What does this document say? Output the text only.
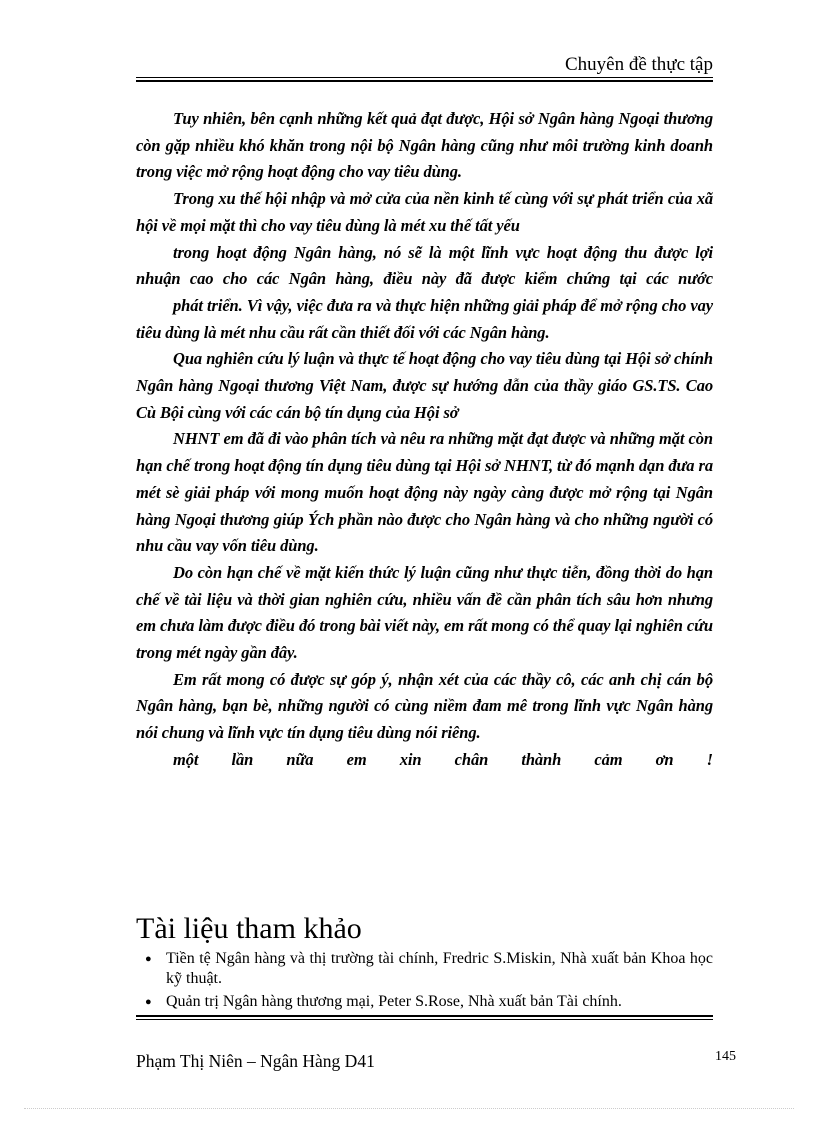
Chuyên đề thực tập

Tuy nhiên, bên cạnh những kết quả đạt được, Hội sở Ngân hàng Ngoại thương còn gặp nhiều khó khăn trong nội bộ Ngân hàng cũng như môi trường kinh doanh trong việc mở rộng hoạt động cho vay tiêu dùng.

Trong xu thế hội nhập và mở cửa của nền kinh tế cùng với sự phát triển của xã hội về mọi mặt thì cho vay tiêu dùng là mét xu thế tất yếu

trong hoạt động Ngân hàng, nó sẽ là một lĩnh vực hoạt động thu được lợi nhuận cao cho các Ngân hàng, điều này đã được kiểm chứng tại các nước

phát triển. Vì vậy, việc đưa ra và thực hiện những giải pháp để mở rộng cho vay tiêu dùng là mét nhu cầu rất cần thiết đối với các Ngân hàng.

Qua nghiên cứu lý luận và thực tế hoạt động cho vay tiêu dùng tại Hội sở chính Ngân hàng Ngoại thương Việt Nam, được sự hướng dẫn của thầy giáo GS.TS. Cao Cù Bội cùng với các cán bộ tín dụng của Hội sở

NHNT em đã đi vào phân tích và nêu ra những mặt đạt được và những mặt còn hạn chế trong hoạt động tín dụng tiêu dùng tại Hội sở NHNT, từ đó mạnh dạn đưa ra mét sè giải pháp với mong muốn hoạt động này ngày càng được mở rộng tại Ngân hàng Ngoại thương giúp Ých phần nào được cho Ngân hàng và cho những người có nhu cầu vay vốn tiêu dùng.

Do còn hạn chế về mặt kiến thức lý luận cũng như thực tiễn, đồng thời do hạn chế về tài liệu và thời gian nghiên cứu, nhiều vấn đề cần phân tích sâu hơn nhưng em chưa làm được điều đó trong bài viết này, em rất mong có thể quay lại nghiên cứu trong mét ngày gần đây.

Em rất mong có được sự góp ý, nhận xét của các thầy cô, các anh chị cán bộ Ngân hàng, bạn bè, những người có cùng niềm đam mê trong lĩnh vực Ngân hàng nói chung và lĩnh vực tín dụng tiêu dùng nói riêng.

một lần nữa em xin chân thành cảm ơn !

Tài liệu tham khảo
● Tiền tệ Ngân hàng và thị trường tài chính, Fredric S.Miskin, Nhà xuất bản Khoa học kỹ thuật.
● Quản trị Ngân hàng thương mại, Peter S.Rose, Nhà xuất bản Tài chính.
Phạm Thị Niên – Ngân Hàng D41	145
